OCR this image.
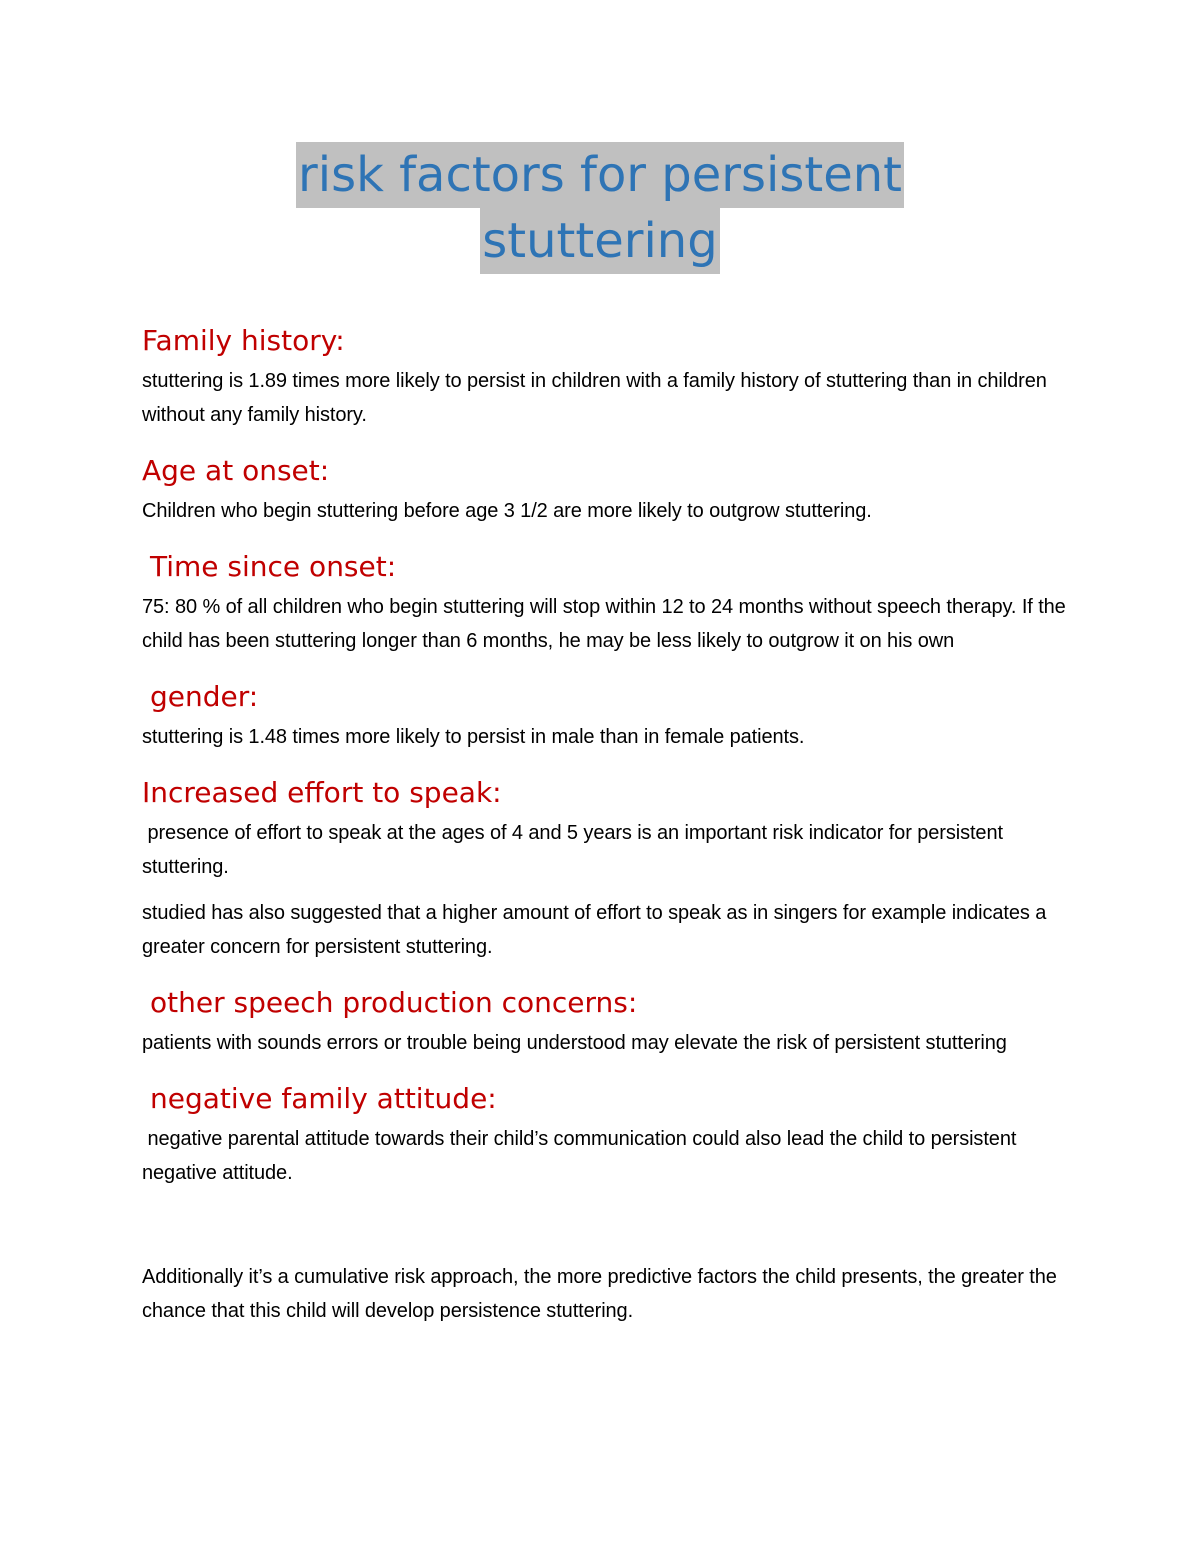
risk factors for persistent
stuttering

Family history:

stuttering is 1.89 times more likely to persist in children with a family history of stuttering than in children without any family history.

Age at onset:

Children who begin stuttering before age 3 1/2 are more likely to outgrow stuttering.

Time since onset:

75: 80 % of all children who begin stuttering will stop within 12 to 24 months without speech therapy. If the child has been stuttering longer than 6 months, he may be less likely to outgrow it on his own

gender:

stuttering is 1.48 times more likely to persist in male than in female patients.

Increased effort to speak:

presence of effort to speak at the ages of 4 and 5 years is an important risk indicator for persistent stuttering.

studied has also suggested that a higher amount of effort to speak as in singers for example indicates a greater concern for persistent stuttering.

other speech production concerns:

patients with sounds errors or trouble being understood may elevate the risk of persistent stuttering

negative family attitude:

negative parental attitude towards their child’s communication could also lead the child to persistent negative attitude.

Additionally it’s a cumulative risk approach, the more predictive factors the child presents, the greater the chance that this child will develop persistence stuttering.
